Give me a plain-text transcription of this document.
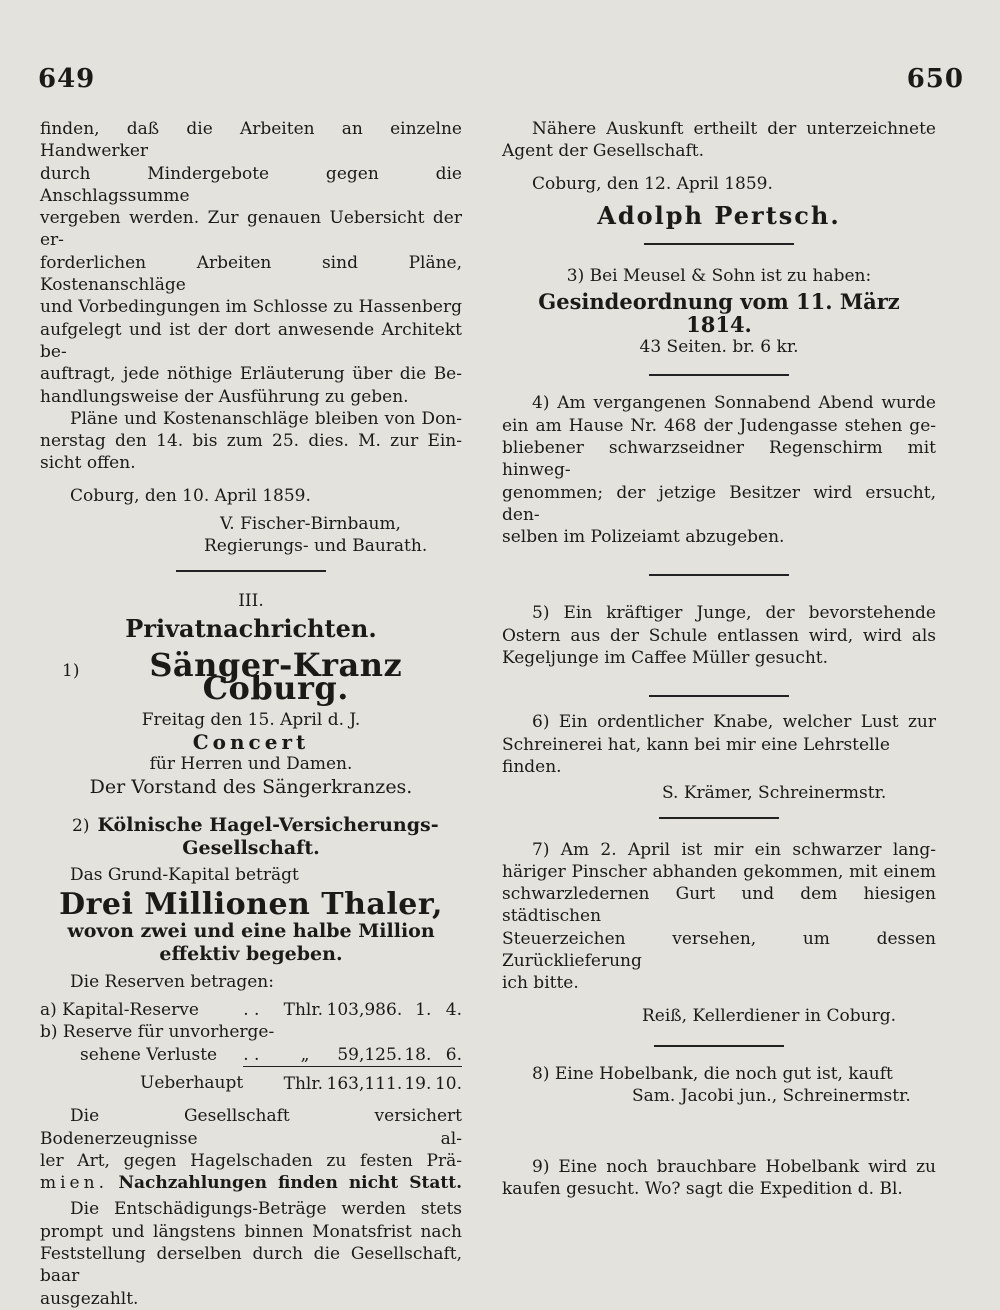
649	650

finden, daß die Arbeiten an einzelne Handwerker

durch Mindergebote gegen die Anschlagssumme

vergeben werden. Zur genauen Uebersicht der er-

forderlichen Arbeiten sind Pläne, Kostenanschläge

und Vorbedingungen im Schlosse zu Hassenberg

aufgelegt und ist der dort anwesende Architekt be-

auftragt, jede nöthige Erläuterung über die Be-

handlungsweise der Ausführung zu geben.

Pläne und Kostenanschläge bleiben von Don-

nerstag den 14. bis zum 25. dies. M. zur Ein-

sicht offen.

Coburg, den 10. April 1859.

V. Fischer-Birnbaum,

Regierungs- und Baurath.

III.

Privatnachrichten.

1)	Sänger-Kranz Coburg.

Freitag den 15. April d. J.

Concert

für Herren und Damen.

Der Vorstand des Sängerkranzes.

2) Kölnische Hagel-Versicherungs-

Gesellschaft.

Das Grund-Kapital beträgt

Drei Millionen Thaler,

wovon zwei und eine halbe Million

effektiv begeben.

Die Reserven betragen:

a) Kapital-Reserve	. .	Thlr.	103,986.	1.	4.
b) Reserve für unvorherge-					
sehene Verluste	. .	„	59,125.	18.	6.
Ueberhaupt		Thlr.	163,111.	19.	10.

Die Gesellschaft versichert Bodenerzeugnisse al-

ler Art, gegen Hagelschaden zu festen Prä-

mien. Nachzahlungen finden nicht Statt.

Die Entschädigungs-Beträge werden stets

prompt und längstens binnen Monatsfrist nach

Feststellung derselben durch die Gesellschaft, baar

ausgezahlt.

Nähere Auskunft ertheilt der unterzeichnete

Agent der Gesellschaft.

Coburg, den 12. April 1859.

Adolph Pertsch.

3) Bei Meusel & Sohn ist zu haben:

Gesindeordnung vom 11. März 1814.

43 Seiten. br. 6 kr.

4) Am vergangenen Sonnabend Abend wurde

ein am Hause Nr. 468 der Judengasse stehen ge-

bliebener schwarzseidner Regenschirm mit hinweg-

genommen; der jetzige Besitzer wird ersucht, den-

selben im Polizeiamt abzugeben.

5) Ein kräftiger Junge, der bevorstehende

Ostern aus der Schule entlassen wird, wird als

Kegeljunge im Caffee Müller gesucht.

6) Ein ordentlicher Knabe, welcher Lust zur

Schreinerei hat, kann bei mir eine Lehrstelle finden.

S. Krämer, Schreinermstr.

7) Am 2. April ist mir ein schwarzer lang-

häriger Pinscher abhanden gekommen, mit einem

schwarzledernen Gurt und dem hiesigen städtischen

Steuerzeichen versehen, um dessen Zurücklieferung

ich bitte.

Reiß, Kellerdiener in Coburg.

8) Eine Hobelbank, die noch gut ist, kauft

Sam. Jacobi jun., Schreinermstr.

9) Eine noch brauchbare Hobelbank wird zu

kaufen gesucht. Wo? sagt die Expedition d. Bl.
